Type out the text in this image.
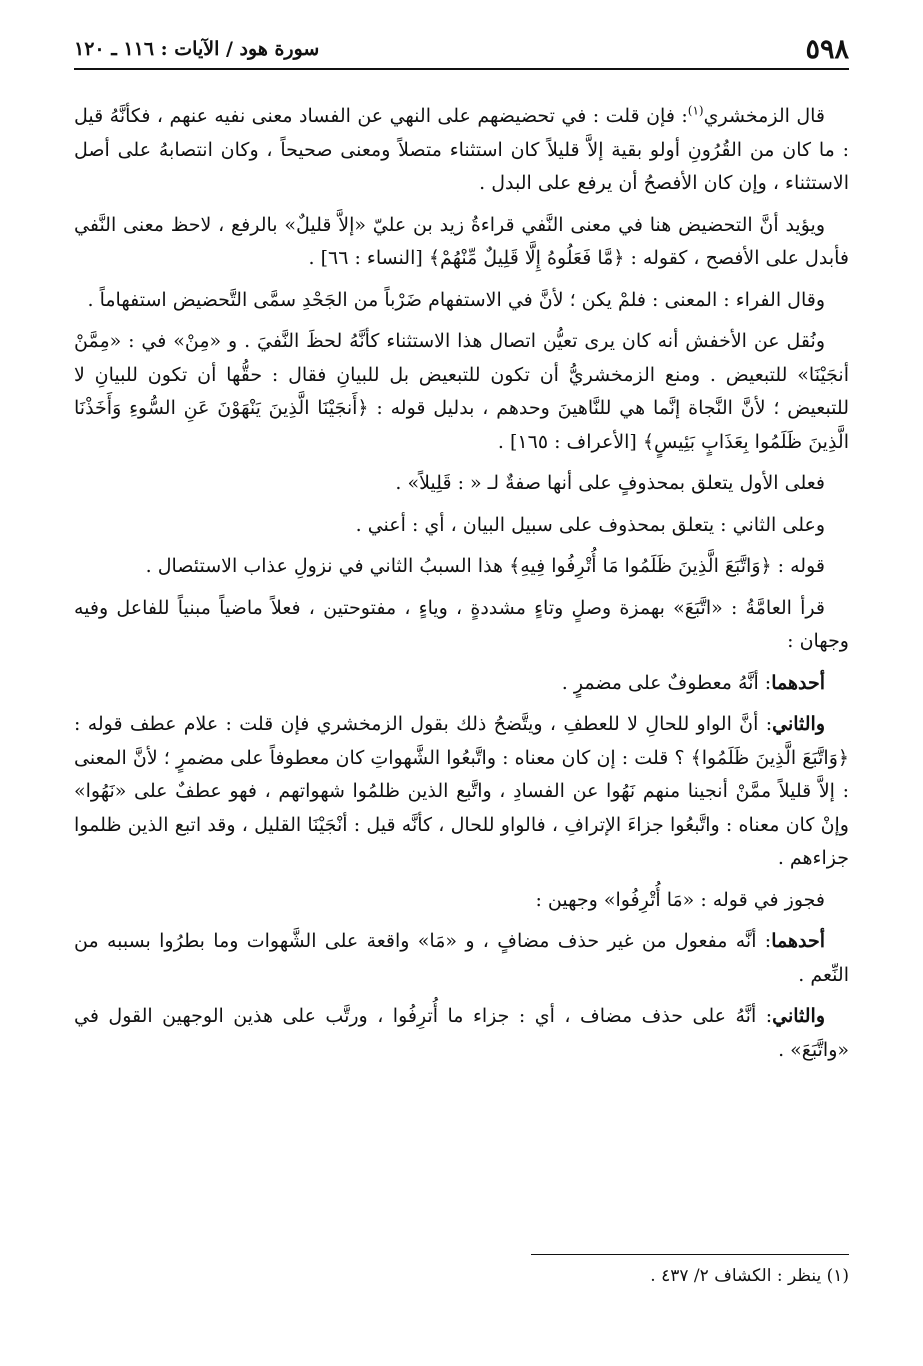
٥٩٨
سورة هود / الآيات : ١١٦ ـ ١٢٠

قال الزمخشري$^{(١)}$: فإن قلت : في تحضيضهم على النهي عن الفساد معنى نفيه عنهم ، فكأنَّهُ قيل : ما كان من القُرُونِ أولو بقية إلاَّ قليلاً كان استثناء متصلاً ومعنى صحيحاً ، وكان انتصابهُ على أصل الاستثناء ، وإن كان الأفصحُ أن يرفع على البدل .

ويؤيد أنَّ التحضيض هنا في معنى النَّفي قراءةُ زيد بن عليّ «إلاَّ قليلٌ» بالرفع ، لاحظ معنى النَّفي فأبدل على الأفصح ، كقوله : ﴿مَّا فَعَلُوهُ إِلَّا قَلِيلٌ مِّنْهُمْ﴾ [النساء : ٦٦] .

وقال الفراء : المعنى : فلمْ يكن ؛ لأنَّ في الاستفهام ضَرْباً من الجَحْدِ سمَّى التَّحضيض استفهاماً .

ونُقل عن الأخفش أنه كان يرى تعيُّن اتصال هذا الاستثناء كأنَّهُ لحظَ النَّفيَ . و «مِنْ» في : «مِمَّنْ أنجَيْنَا» للتبعيض . ومنع الزمخشريُّ أن تكون للتبعيض بل للبيانِ فقال : حقُّها أن تكون للبيانِ لا للتبعيض ؛ لأنَّ النَّجاة إنَّما هي للنَّاهينَ وحدهم ، بدليل قوله : ﴿أَنجَيْنَا الَّذِينَ يَنْهَوْنَ عَنِ السُّوءِ وَأَخَذْنَا الَّذِينَ ظَلَمُوا بِعَذَابٍ بَئِيسٍ﴾ [الأعراف : ١٦٥] .

فعلى الأول يتعلق بمحذوفٍ على أنها صفةٌ لـ « : قَلِيلاً» .

وعلى الثاني : يتعلق بمحذوف على سبيل البيان ، أي : أعني .

قوله : ﴿وَاتَّبَعَ الَّذِينَ ظَلَمُوا مَا أُتْرِفُوا فِيهِ﴾ هذا السببُ الثاني في نزولِ عذاب الاستئصال .

قرأ العامَّةُ : «اتَّبَعَ» بهمزة وصلٍ وتاءٍ مشددةٍ ، وياءٍ ، مفتوحتين ، فعلاً ماضياً مبنياً للفاعل وفيه وجهان :

أحدهما: أنَّهُ معطوفٌ على مضمرٍ .

والثاني: أنَّ الواو للحالِ لا للعطفِ ، ويتَّضحُ ذلك بقول الزمخشري فإن قلت : علام عطف قوله : ﴿وَاتَّبَعَ الَّذِينَ ظَلَمُوا﴾ ؟ قلت : إن كان معناه : واتَّبعُوا الشَّهواتِ كان معطوفاً على مضمرٍ ؛ لأنَّ المعنى : إلاَّ قليلاً ممَّنْ أنجينا منهم نَهُوا عن الفسادِ ، واتَّبع الذين ظلمُوا شهواتهم ، فهو عطفٌ على «نَهُوا» وإنْ كان معناه : واتَّبعُوا جزاءَ الإترافِ ، فالواو للحال ، كأنَّه قيل : أنْجَيْنَا القليل ، وقد اتبع الذين ظلموا جزاءهم .

فجوز في قوله : «مَا أُتْرِفُوا» وجهين :

أحدهما: أنَّه مفعول من غير حذف مضافٍ ، و «مَا» واقعة على الشَّهوات وما بطرُوا بسببه من النِّعم .

والثاني: أنَّهُ على حذف مضاف ، أي : جزاء ما أُترِفُوا ، ورتَّب على هذين الوجهين القول في «واتَّبَعَ» .

(١) ينظر : الكشاف ٢/ ٤٣٧ .
